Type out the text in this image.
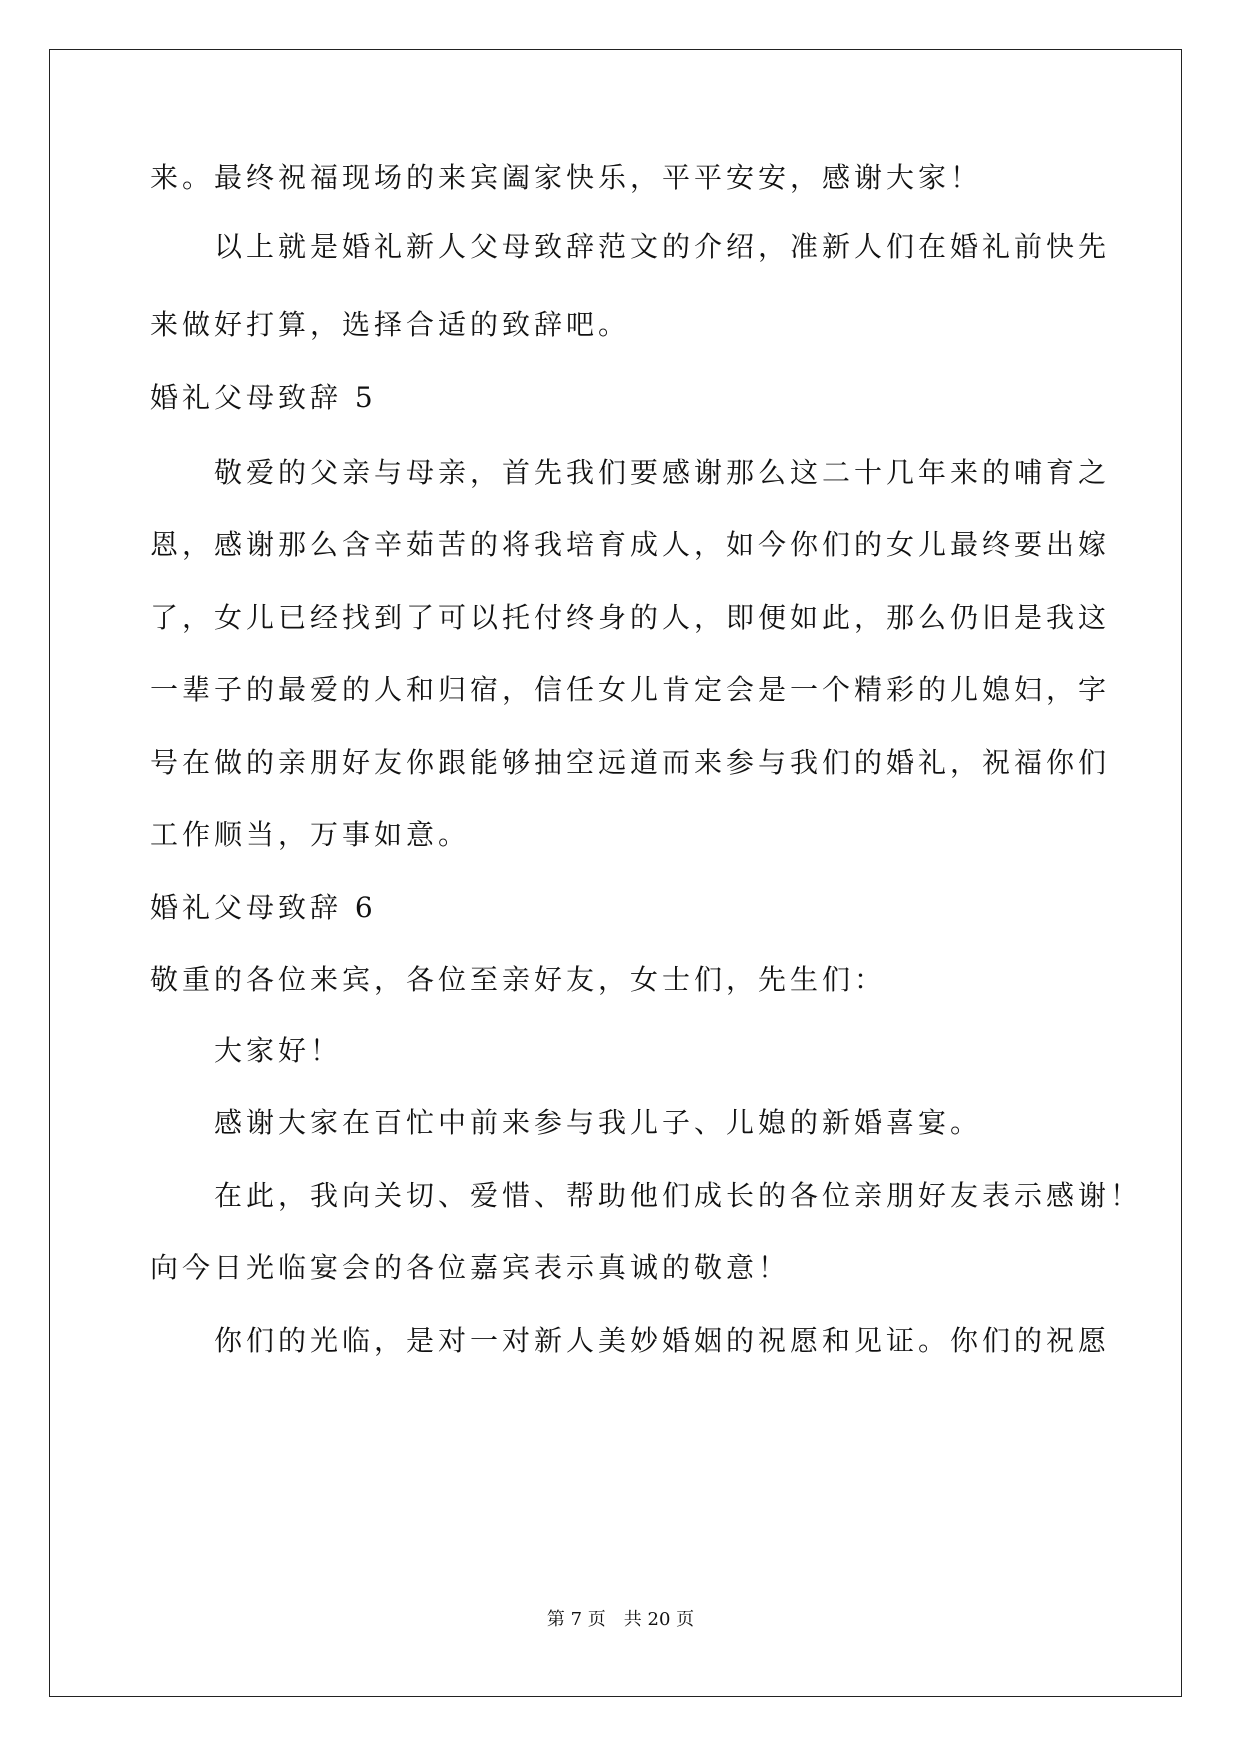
来。最终祝福现场的来宾阖家快乐，平平安安，感谢大家！
以上就是婚礼新人父母致辞范文的介绍，准新人们在婚礼前快先
来做好打算，选择合适的致辞吧。
婚礼父母致辞 5
敬爱的父亲与母亲，首先我们要感谢那么这二十几年来的哺育之
恩，感谢那么含辛茹苦的将我培育成人，如今你们的女儿最终要出嫁
了，女儿已经找到了可以托付终身的人，即便如此，那么仍旧是我这
一辈子的最爱的人和归宿，信任女儿肯定会是一个精彩的儿媳妇，字
号在做的亲朋好友你跟能够抽空远道而来参与我们的婚礼，祝福你们
工作顺当，万事如意。
婚礼父母致辞 6
敬重的各位来宾，各位至亲好友，女士们，先生们：
大家好！
感谢大家在百忙中前来参与我儿子、儿媳的新婚喜宴。
在此，我向关切、爱惜、帮助他们成长的各位亲朋好友表示感谢！
向今日光临宴会的各位嘉宾表示真诚的敬意！
你们的光临，是对一对新人美妙婚姻的祝愿和见证。你们的祝愿
第 7 页 共 20 页
